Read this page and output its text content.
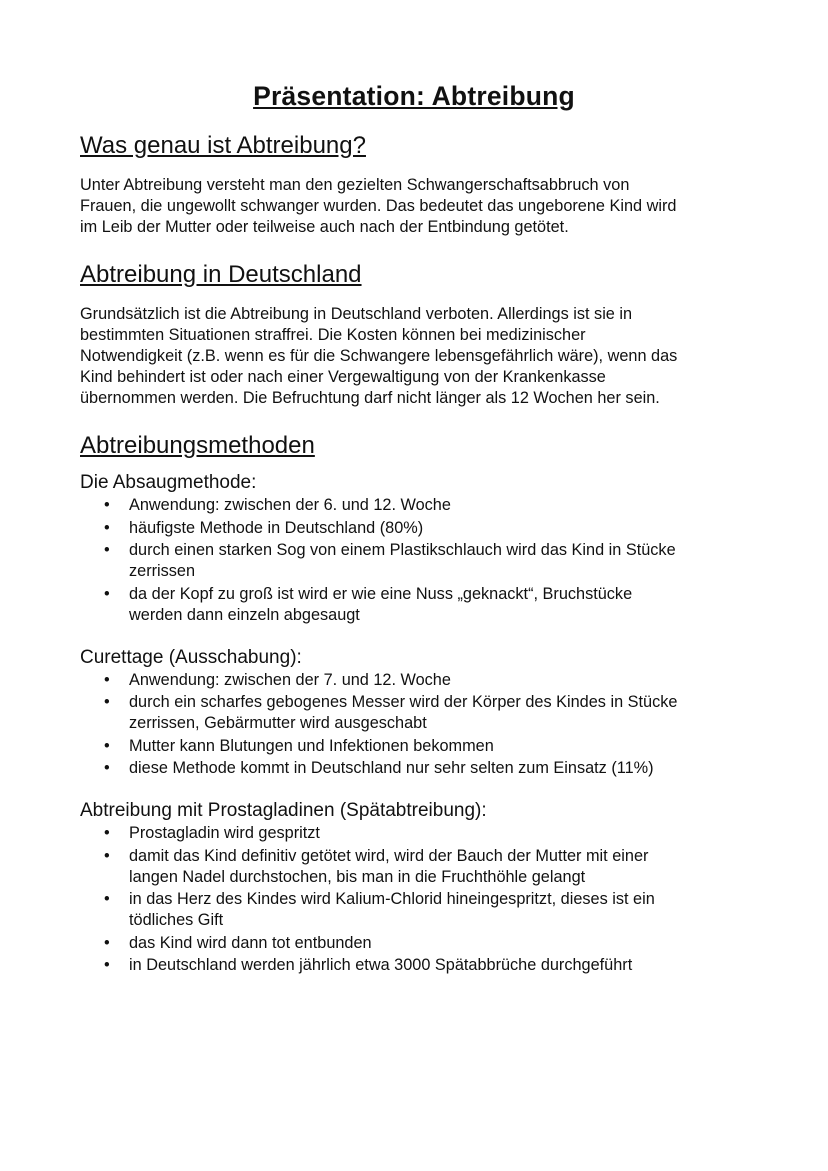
Präsentation: Abtreibung
Was genau ist Abtreibung?

Unter Abtreibung versteht man den gezielten Schwangerschaftsabbruch von
Frauen, die ungewollt schwanger wurden. Das bedeutet das ungeborene Kind wird
im Leib der Mutter oder teilweise auch nach der Entbindung getötet.

Abtreibung in Deutschland

Grundsätzlich ist die Abtreibung in Deutschland verboten. Allerdings ist sie in
bestimmten Situationen straffrei. Die Kosten können bei medizinischer
Notwendigkeit (z.B. wenn es für die Schwangere lebensgefährlich wäre), wenn das
Kind behindert ist oder nach einer Vergewaltigung von der Krankenkasse
übernommen werden. Die Befruchtung darf nicht länger als 12 Wochen her sein.

Abtreibungsmethoden
Die Absaugmethode:
• Anwendung: zwischen der 6. und 12. Woche
• häufigste Methode in Deutschland (80%)
• durch einen starken Sog von einem Plastikschlauch wird das Kind in Stücke
zerrissen
• da der Kopf zu groß ist wird er wie eine Nuss „geknackt“, Bruchstücke
werden dann einzeln abgesaugt
Curettage (Ausschabung):
• Anwendung: zwischen der 7. und 12. Woche
• durch ein scharfes gebogenes Messer wird der Körper des Kindes in Stücke
zerrissen, Gebärmutter wird ausgeschabt
• Mutter kann Blutungen und Infektionen bekommen
• diese Methode kommt in Deutschland nur sehr selten zum Einsatz (11%)
Abtreibung mit Prostagladinen (Spätabtreibung):
• Prostagladin wird gespritzt
• damit das Kind definitiv getötet wird, wird der Bauch der Mutter mit einer
langen Nadel durchstochen, bis man in die Fruchthöhle gelangt
• in das Herz des Kindes wird Kalium-Chlorid hineingespritzt, dieses ist ein
tödliches Gift
• das Kind wird dann tot entbunden
• in Deutschland werden jährlich etwa 3000 Spätabbrüche durchgeführt
